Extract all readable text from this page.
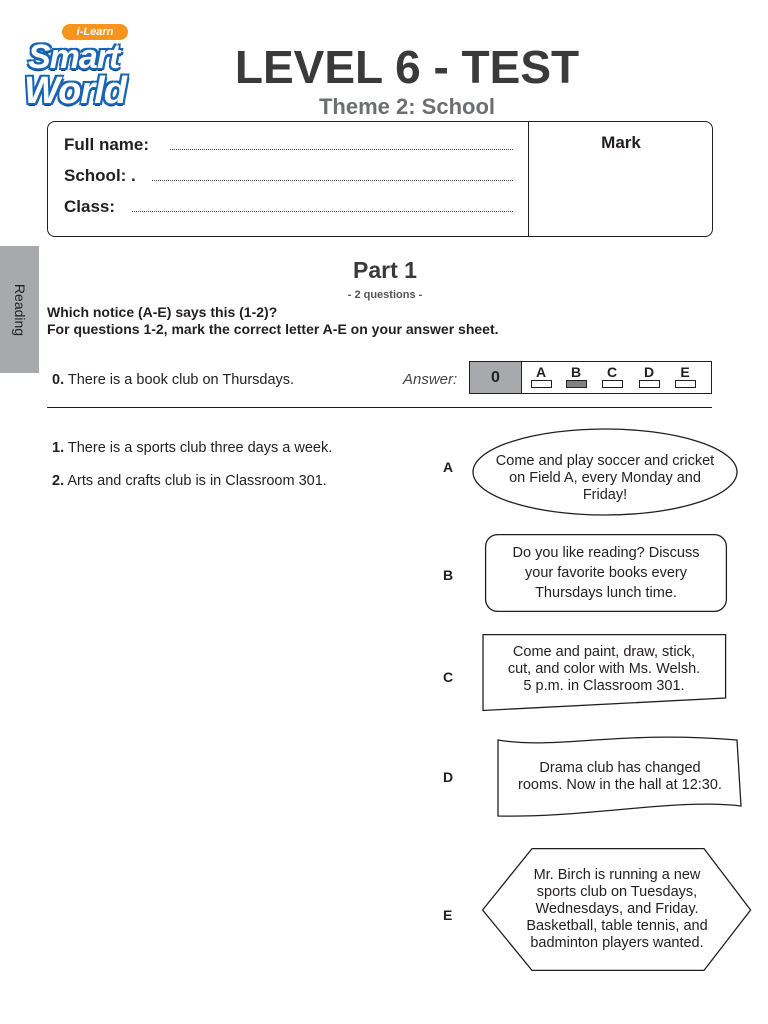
i-Learn
Smart
World	LEVEL 6 - TEST
Theme 2: School
Mark
Full name:
School: .
Class:
Reading
Part 1
- 2 questions -
Which notice (A-E) says this (1-2)?
For questions 1-2, mark the correct letter A-E on your answer sheet.
0. There is a book club on Thursdays.	Answer:	0	A	B	C	D	E
1. There is a sports club three days a week.
2. Arts and crafts club is in Classroom 301.
A	Come and play soccer and cricket
on Field A, every Monday and
Friday!
B
Do you like reading? Discuss
your favorite books every
Thursdays lunch time.
C
Come and paint, draw, stick,
cut, and color with Ms. Welsh.
5 p.m. in Classroom 301.
D
Drama club has changed
rooms. Now in the hall at 12:30.
E
Mr. Birch is running a new
sports club on Tuesdays,
Wednesdays, and Friday.
Basketball, table tennis, and
badminton players wanted.
